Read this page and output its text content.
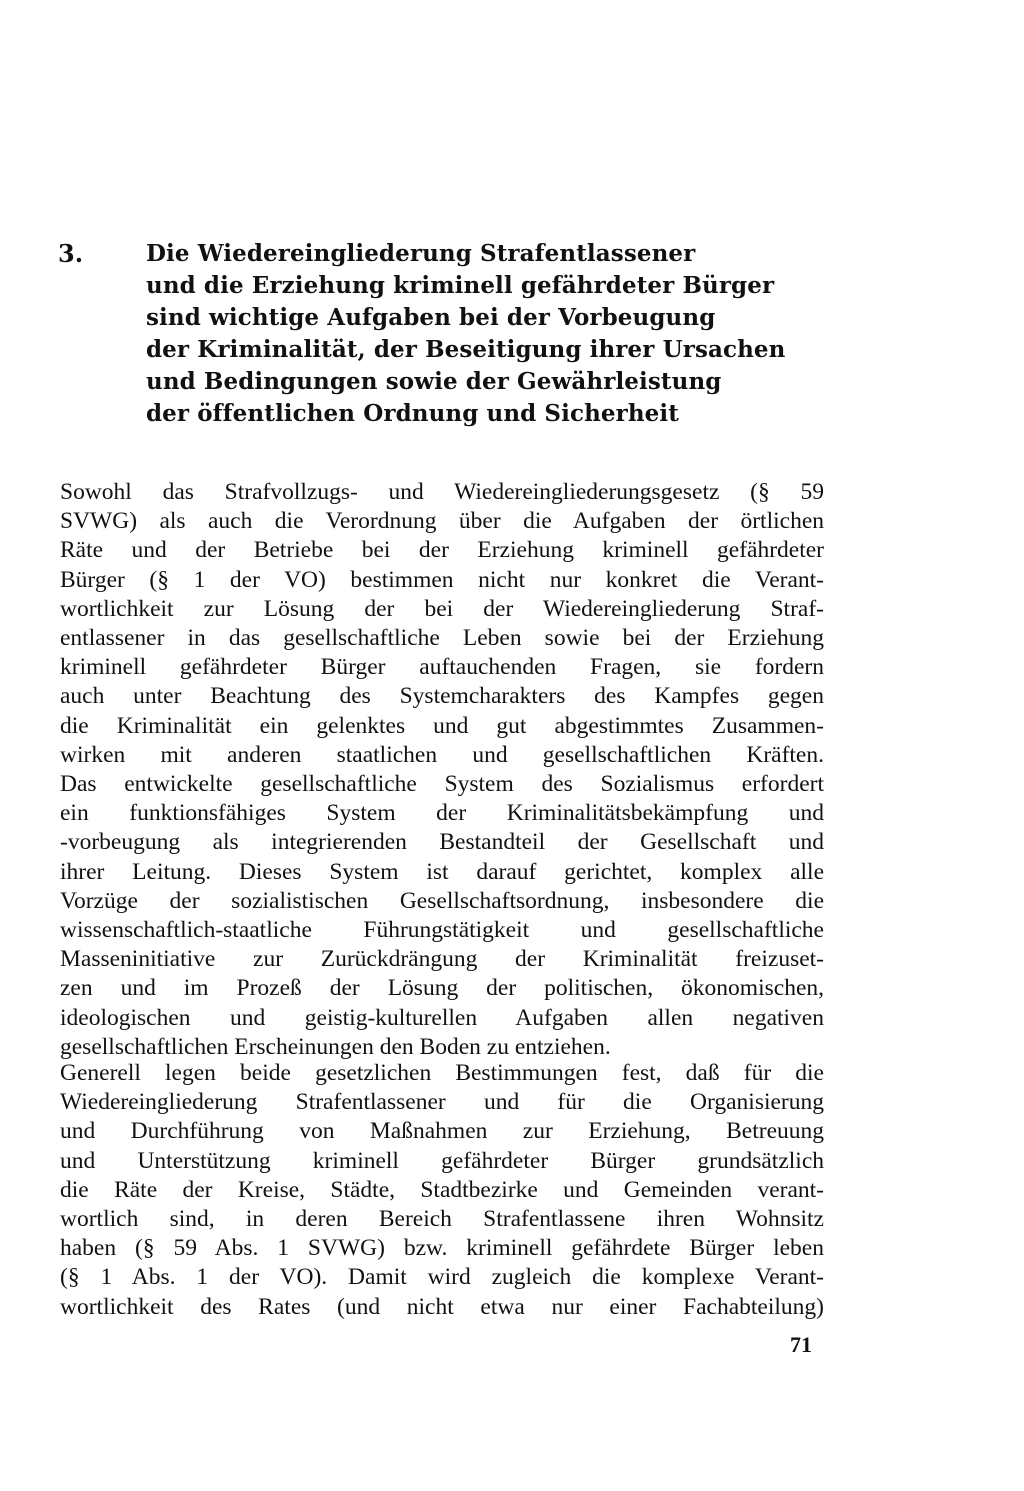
3.	Die Wiedereingliederung Strafentlassener
und die Erziehung kriminell gefährdeter Bürger
sind wichtige Aufgaben bei der Vorbeugung
der Kriminalität, der Beseitigung ihrer Ursachen
und Bedingungen sowie der Gewährleistung
der öffentlichen Ordnung und Sicherheit
Sowohl das Strafvollzugs- und Wiedereingliederungsgesetz (§ 59
SVWG) als auch die Verordnung über die Aufgaben der örtlichen
Räte und der Betriebe bei der Erziehung kriminell gefährdeter
Bürger (§ 1 der VO) bestimmen nicht nur konkret die Verant-
wortlichkeit zur Lösung der bei der Wiedereingliederung Straf-
entlassener in das gesellschaftliche Leben sowie bei der Erziehung
kriminell gefährdeter Bürger auftauchenden Fragen, sie fordern
auch unter Beachtung des Systemcharakters des Kampfes gegen
die Kriminalität ein gelenktes und gut abgestimmtes Zusammen-
wirken mit anderen staatlichen und gesellschaftlichen Kräften.
Das entwickelte gesellschaftliche System des Sozialismus erfordert
ein funktionsfähiges System der Kriminalitätsbekämpfung und
-vorbeugung als integrierenden Bestandteil der Gesellschaft und
ihrer Leitung. Dieses System ist darauf gerichtet, komplex alle
Vorzüge der sozialistischen Gesellschaftsordnung, insbesondere die
wissenschaftlich-staatliche Führungstätigkeit und gesellschaftliche
Masseninitiative zur Zurückdrängung der Kriminalität freizuset-
zen und im Prozeß der Lösung der politischen, ökonomischen,
ideologischen und geistig-kulturellen Aufgaben allen negativen
gesellschaftlichen Erscheinungen den Boden zu entziehen.
Generell legen beide gesetzlichen Bestimmungen fest, daß für die
Wiedereingliederung Strafentlassener und für die Organisierung
und Durchführung von Maßnahmen zur Erziehung, Betreuung
und Unterstützung kriminell gefährdeter Bürger grundsätzlich
die Räte der Kreise, Städte, Stadtbezirke und Gemeinden verant-
wortlich sind, in deren Bereich Strafentlassene ihren Wohnsitz
haben (§ 59 Abs. 1 SVWG) bzw. kriminell gefährdete Bürger leben
(§ 1 Abs. 1 der VO). Damit wird zugleich die komplexe Verant-
wortlichkeit des Rates (und nicht etwa nur einer Fachabteilung)
71
